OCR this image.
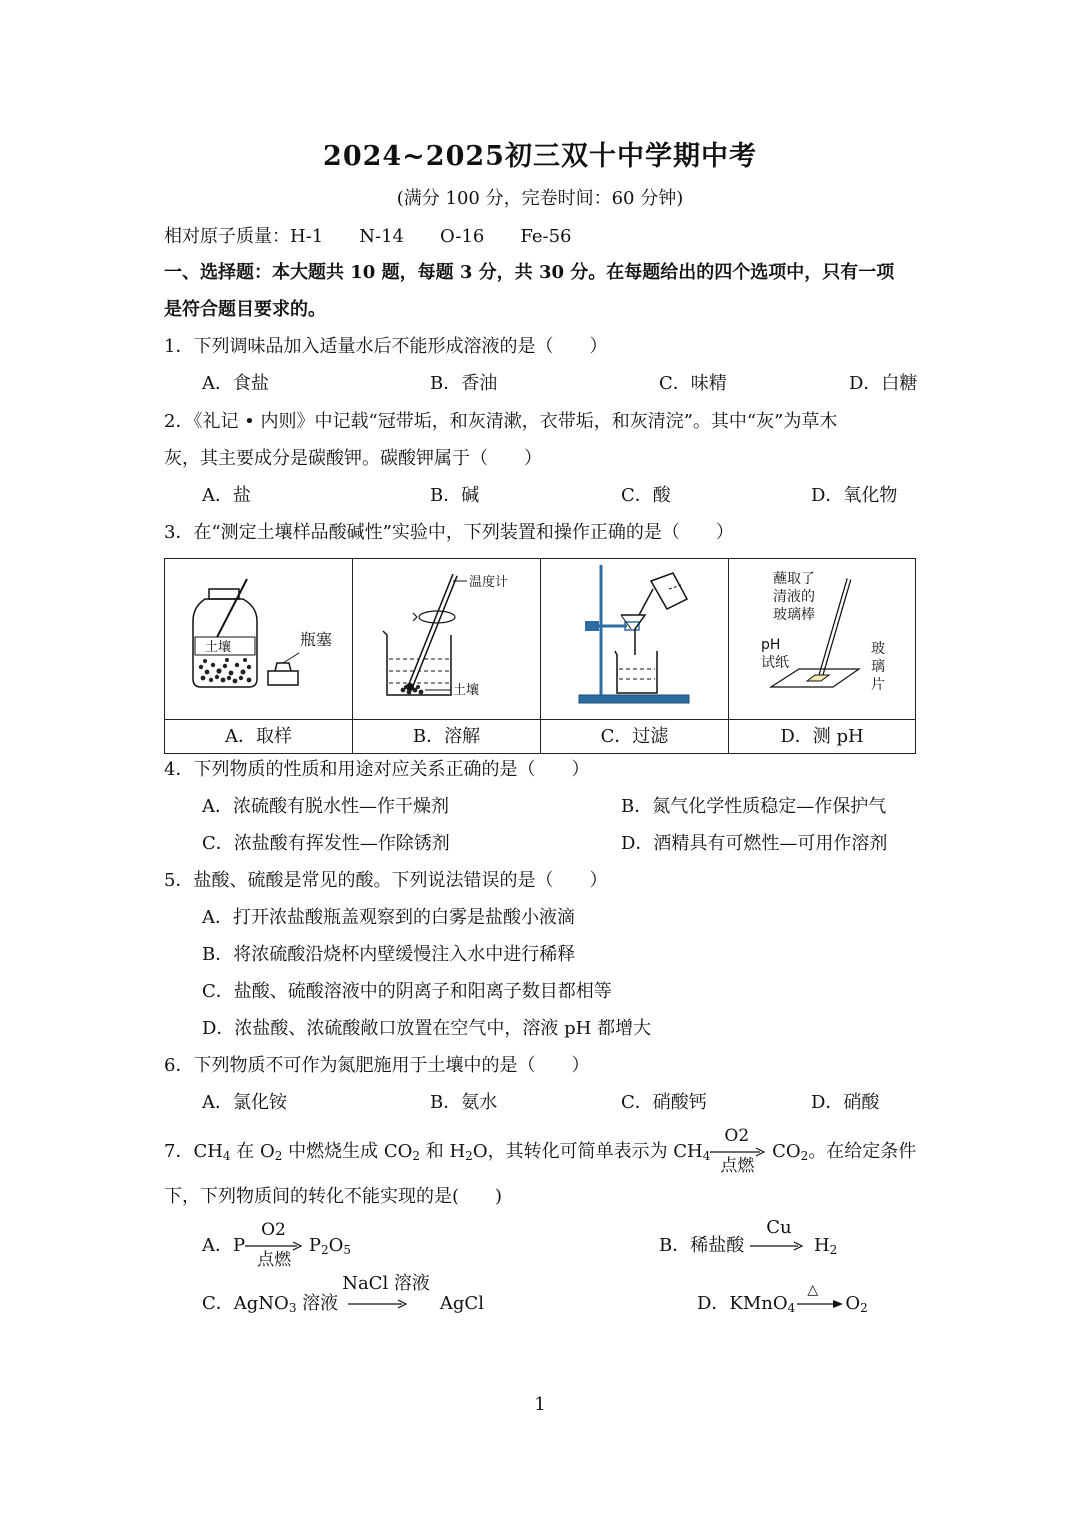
2024~2025初三双十中学期中考
(满分 100 分，完卷时间：60 分钟)
相对原子质量：H-1　　N-14　　O-16　　Fe-56
一、选择题：本大题共 10 题，每题 3 分，共 30 分。在每题给出的四个选项中，只有一项
是符合题目要求的。
1．下列调味品加入适量水后不能形成溶液的是（　　）
A．食盐	B．香油	C．味精	D．白糖
2．《礼记 • 内则》中记载“冠带垢，和灰清漱，衣带垢，和灰清浣”。其中“灰”为草木
灰，其主要成分是碳酸钾。碳酸钾属于（　　）
A．盐	B．碱	C．酸	D．氧化物
3．在“测定土壤样品酸碱性”实验中，下列装置和操作正确的是（　　）
土壤	瓶塞
温度计
土壤
蘸取了
清液的
玻璃棒
pH
试纸
玻
璃
片
A．取样	B．溶解	C．过滤	D．测 pH
4．下列物质的性质和用途对应关系正确的是（　　）
A．浓硫酸有脱水性—作干燥剂	B．氮气化学性质稳定—作保护气
C．浓盐酸有挥发性—作除锈剂	D．酒精具有可燃性—可用作溶剂
5．盐酸、硫酸是常见的酸。下列说法错误的是（　　）
A．打开浓盐酸瓶盖观察到的白雾是盐酸小液滴
B．将浓硫酸沿烧杯内壁缓慢注入水中进行稀释
C．盐酸、硫酸溶液中的阴离子和阳离子数目都相等
D．浓盐酸、浓硫酸敞口放置在空气中，溶液 pH 都增大
6．下列物质不可作为氮肥施用于土壤中的是（　　）
A．氯化铵	B．氨水	C．硝酸钙	D．硝酸
7．$CH_4$ 在 $O_2$ 中燃烧生成 $CO_2$ 和 $H_2O$，其转化可简单表示为 $CH_4$
O2
点燃
$CO_2$。在给定条件
下，下列物质间的转化不能实现的是(　　)
A．P
O2
点燃
$P_2O_5$	B．稀盐酸
Cu
$H_2$
C．AgNO$_3$ 溶液
NaCl 溶液
AgCl	D．KMnO$_4$
△
$O_2$
1
